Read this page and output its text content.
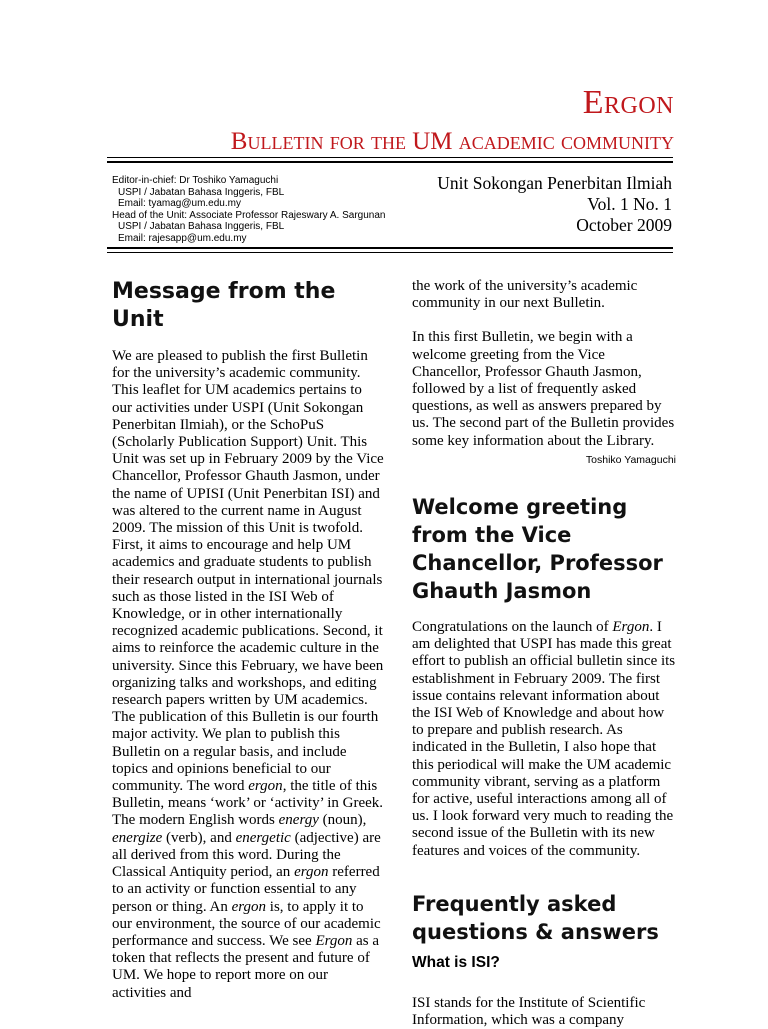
Ergon
Bulletin for the UM academic community
Editor-in-chief: Dr Toshiko Yamaguchi
USPI / Jabatan Bahasa Inggeris, FBL
Email: tyamag@um.edu.my
Head of the Unit: Associate Professor Rajeswary A. Sargunan
USPI / Jabatan Bahasa Inggeris, FBL
Email: rajesapp@um.edu.my
Unit Sokongan Penerbitan Ilmiah
Vol. 1 No. 1
October 2009
Message from the Unit

We are pleased to publish the first Bulletin for the university’s academic community. This leaflet for UM academics pertains to our activities under USPI (Unit Sokongan Penerbitan Ilmiah), or the SchoPuS (Scholarly Publication Support) Unit. This Unit was set up in February 2009 by the Vice Chancellor, Professor Ghauth Jasmon, under the name of UPISI (Unit Penerbitan ISI) and was altered to the current name in August 2009. The mission of this Unit is twofold. First, it aims to encourage and help UM academics and graduate students to publish their research output in international journals such as those listed in the ISI Web of Knowledge, or in other internationally recognized academic publications. Second, it aims to reinforce the academic culture in the university. Since this February, we have been organizing talks and workshops, and editing research papers written by UM academics. The publication of this Bulletin is our fourth major activity. We plan to publish this Bulletin on a regular basis, and include topics and opinions beneficial to our community. The word ergon, the title of this Bulletin, means ‘work’ or ‘activity’ in Greek. The modern English words energy (noun), energize (verb), and energetic (adjective) are all derived from this word. During the Classical Antiquity period, an ergon referred to an activity or function essential to any person or thing. An ergon is, to apply it to our environment, the source of our academic performance and success. We see Ergon as a token that reflects the present and future of UM. We hope to report more on our activities and

the work of the university’s academic community in our next Bulletin.

In this first Bulletin, we begin with a welcome greeting from the Vice Chancellor, Professor Ghauth Jasmon, followed by a list of frequently asked questions, as well as answers prepared by us. The second part of the Bulletin provides some key information about the Library.

Toshiko Yamaguchi
Welcome greeting from the Vice Chancellor, Professor Ghauth Jasmon

Congratulations on the launch of Ergon. I am delighted that USPI has made this great effort to publish an official bulletin since its establishment in February 2009. The first issue contains relevant information about the ISI Web of Knowledge and about how to prepare and publish research. As indicated in the Bulletin, I also hope that this periodical will make the UM academic community vibrant, serving as a platform for active, useful interactions among all of us. I look forward very much to reading the second issue of the Bulletin with its new features and voices of the community.

Frequently asked questions & answers
What is ISI?

ISI stands for the Institute of Scientific Information, which was a company
